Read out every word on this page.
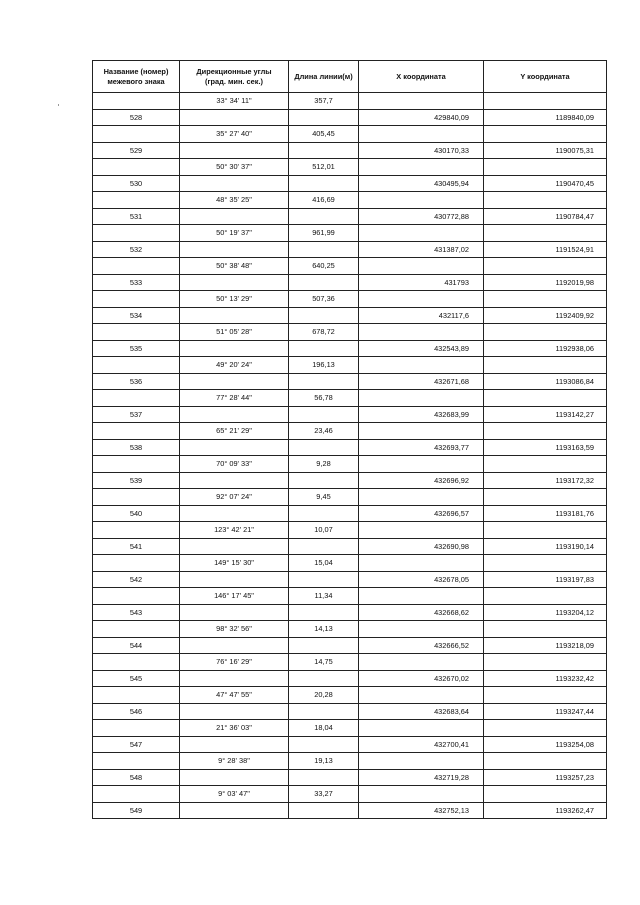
Название (номер)
межевого знака	Дирекционные углы
(град. мин. сек.)	Длина линии(м)	Х координата	Y координата
	33° 34' 11"	357,7		
528			429840,09	1189840,09
	35° 27' 40"	405,45		
529			430170,33	1190075,31
	50° 30' 37"	512,01		
530			430495,94	1190470,45
	48° 35' 25"	416,69		
531			430772,88	1190784,47
	50° 19' 37"	961,99		
532			431387,02	1191524,91
	50° 38' 48"	640,25		
533			431793	1192019,98
	50° 13' 29"	507,36		
534			432117,6	1192409,92
	51° 05' 28"	678,72		
535			432543,89	1192938,06
	49° 20' 24"	196,13		
536			432671,68	1193086,84
	77° 28' 44"	56,78		
537			432683,99	1193142,27
	65° 21' 29"	23,46		
538			432693,77	1193163,59
	70° 09' 33"	9,28		
539			432696,92	1193172,32
	92° 07' 24"	9,45		
540			432696,57	1193181,76
	123° 42' 21"	10,07		
541			432690,98	1193190,14
	149° 15' 30"	15,04		
542			432678,05	1193197,83
	146° 17' 45"	11,34		
543			432668,62	1193204,12
	98° 32' 56"	14,13		
544			432666,52	1193218,09
	76° 16' 29"	14,75		
545			432670,02	1193232,42
	47° 47' 55"	20,28		
546			432683,64	1193247,44
	21° 36' 03"	18,04		
547			432700,41	1193254,08
	9° 28' 38"	19,13		
548			432719,28	1193257,23
	9° 03' 47"	33,27		
549			432752,13	1193262,47
